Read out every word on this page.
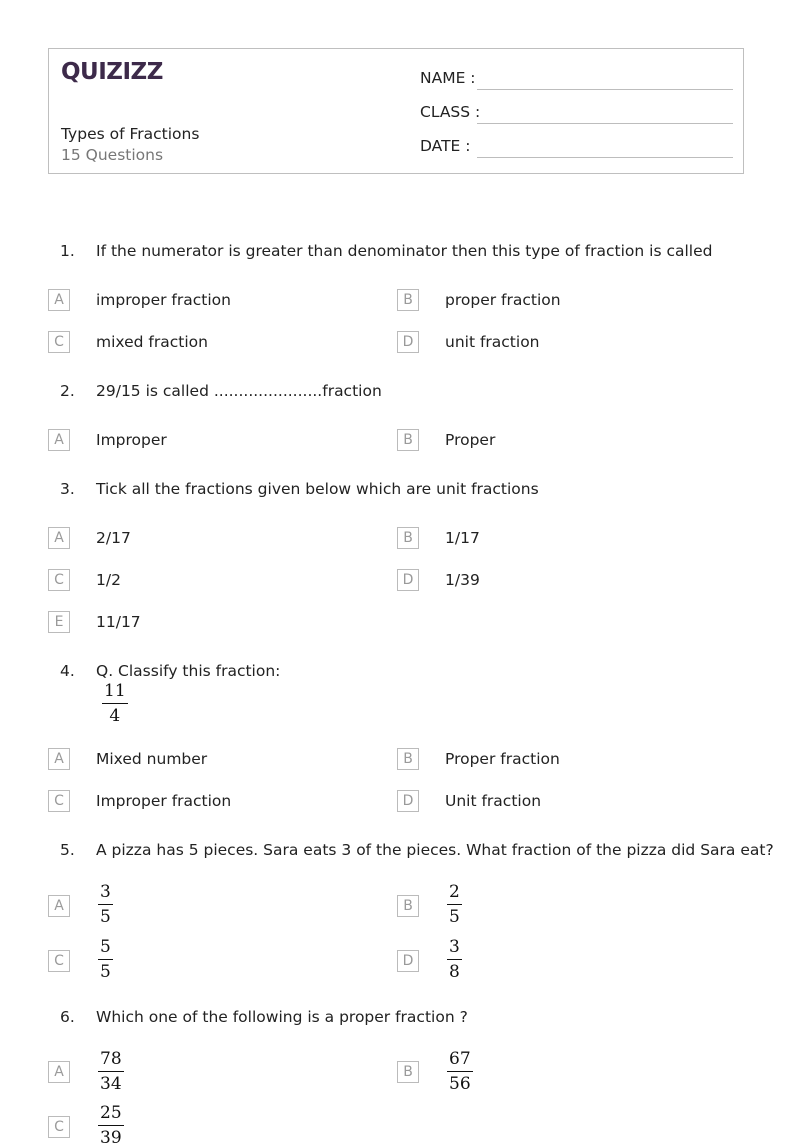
QUIZIZZ
Types of Fractions
15 Questions
NAME :
CLASS :
DATE :
1. If the numerator is greater than denominator then this type of fraction is called
A	improper fraction	B	proper fraction
C	mixed fraction	D	unit fraction
2. 29/15 is called ......................fraction
A	Improper	B	Proper
3. Tick all the fractions given below which are unit fractions
A	2/17	B	1/17
C	1/2	D	1/39
E	11/17
4. Q. Classify this fraction:
11
4
A	Mixed number	B	Proper fraction
C	Improper fraction	D	Unit fraction
5. A pizza has 5 pieces. Sara eats 3 of the pieces. What fraction of the pizza did Sara eat?
A
3
5
B
2
5
C
5
5
D
3
8
6. Which one of the following is a proper fraction ?
A
78
34
B
67
56
C
25
39
